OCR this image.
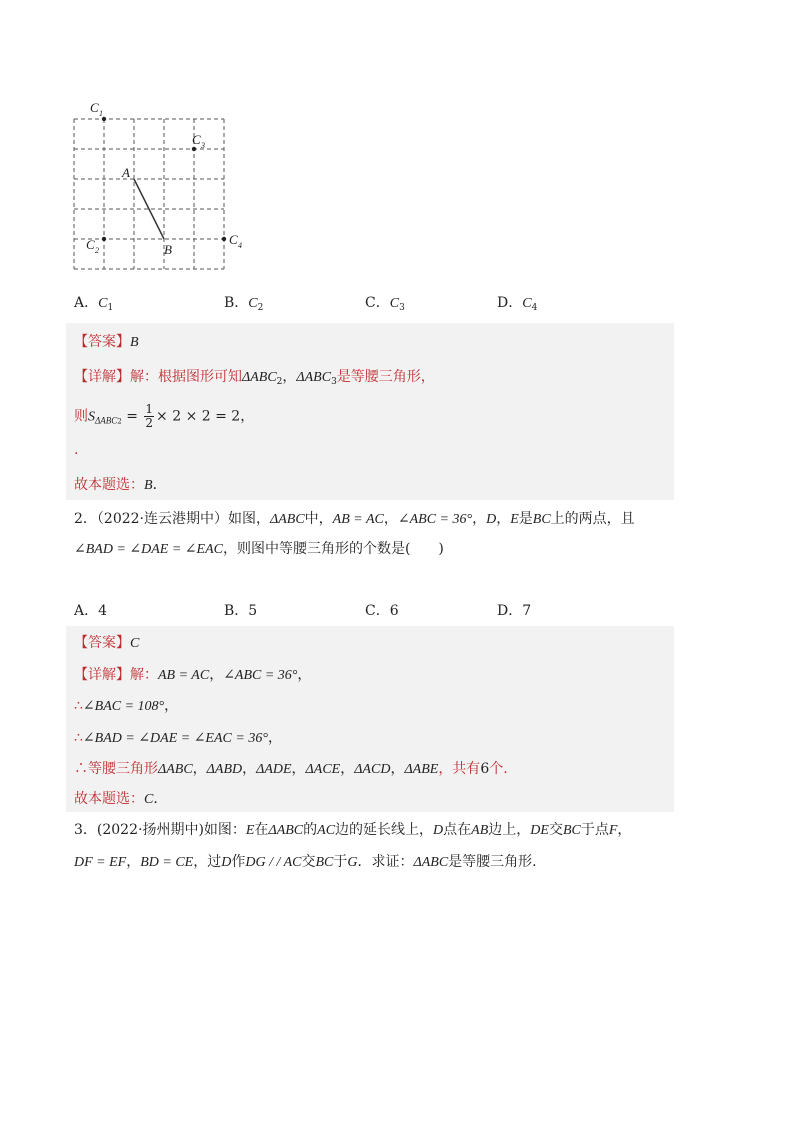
C 1
C 3
C 2
C 4
A
B
A．$C_1$	B．$C_2$	C．$C_3$	D．$C_4$
【答案】B
【详解】解：根据图形可知$\Delta ABC_2$，$\Delta ABC_3$是等腰三角形，
则$S_{\Delta ABC2} = \frac{1}{2} \times 2 \times 2 = 2$，
.
故本题选：B．
2．（2022·连云港期中）如图，ΔABC中，AB = AC，∠ABC = 36°，D，E是BC上的两点，且
∠BAD = ∠DAE = ∠EAC，则图中等腰三角形的个数是(　　)
A．4	B．5	C．6	D．7
【答案】C
【详解】解：AB = AC，∠ABC = 36°，
∴∠BAC = 108°，
∴∠BAD = ∠DAE = ∠EAC = 36°，
∴等腰三角形ΔABC，ΔABD，ΔADE，ΔACE，ΔACD，ΔABE，共有6个.
故本题选：C．
3．(2022·扬州期中)如图：E在ΔABC的AC边的延长线上，D点在AB边上，DE交BC于点F，
DF = EF，BD = CE，过D作DG / / AC交BC于G．求证：ΔABC是等腰三角形.
